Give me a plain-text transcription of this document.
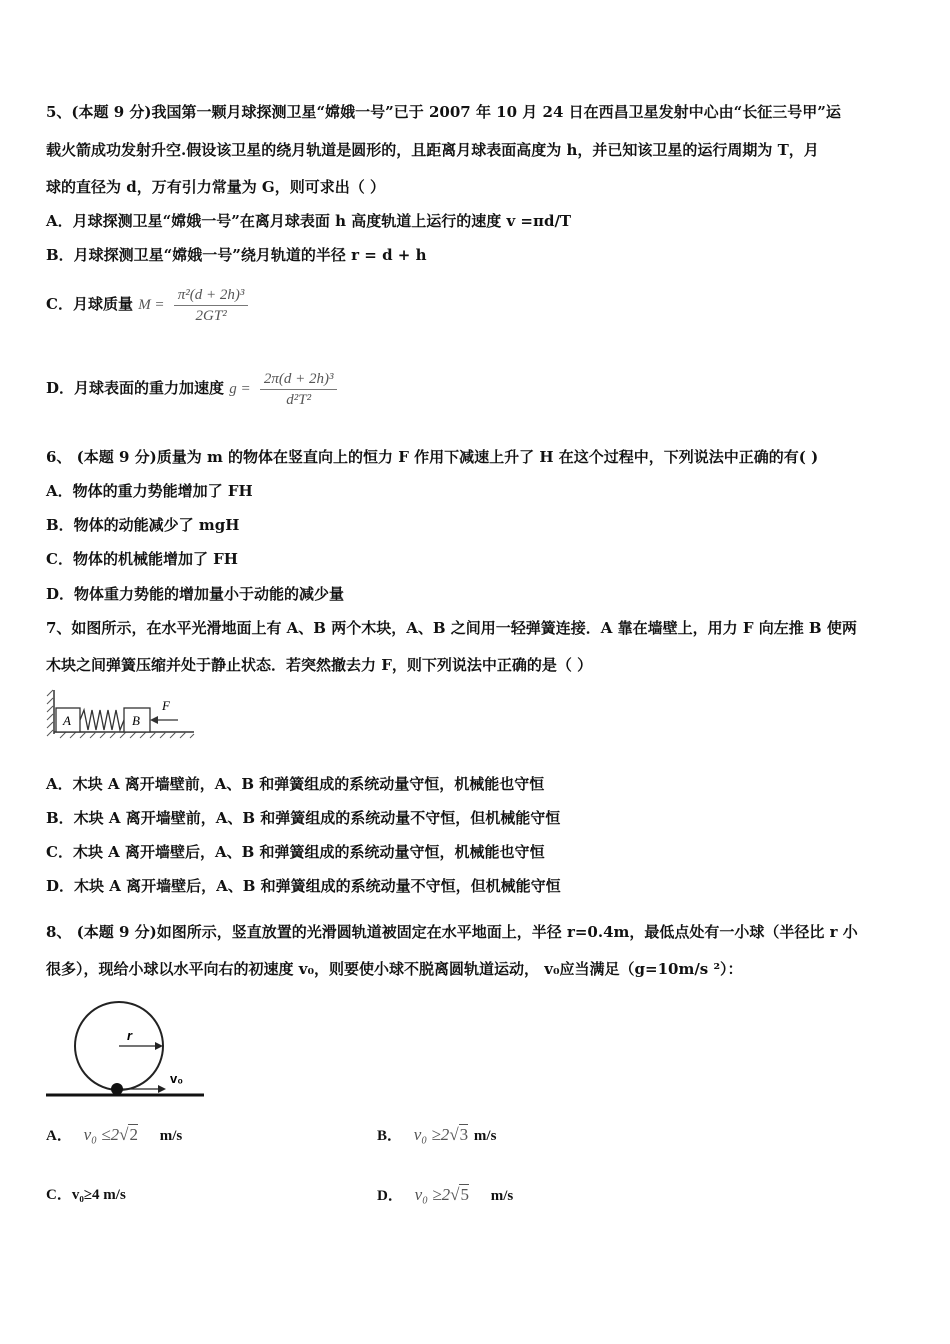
5、(本题 9 分)我国第一颗月球探测卫星“嫦娥一号”已于 2007 年 10 月 24 日在西昌卫星发射中心由“长征三号甲”运
载火箭成功发射升空.假设该卫星的绕月轨道是圆形的，且距离月球表面高度为 h，并已知该卫星的运行周期为 T，月
球的直径为 d，万有引力常量为 G，则可求出（ ）
A．月球探测卫星“嫦娥一号”在离月球表面 h 高度轨道上运行的速度 v =πd/T
B．月球探测卫星“嫦娥一号”绕月轨道的半径 r = d + h
C．月球质量 $M = \frac{\text{π²(d + 2h)³}}{\text{2GT²}}$
D．月球表面的重力加速度 $g = \frac{\text{2π(d + 2h)³}}{\text{d²T²}}$
6、 (本题 9 分)质量为 m 的物体在竖直向上的恒力 F 作用下减速上升了 H 在这个过程中，下列说法中正确的有( )
A．物体的重力势能增加了 FH
B．物体的动能减少了 mgH
C．物体的机械能增加了 FH
D．物体重力势能的增加量小于动能的减少量
7、如图所示，在水平光滑地面上有 A、B 两个木块，A、B 之间用一轻弹簧连接．A 靠在墙壁上，用力 F 向左推 B 使两
木块之间弹簧压缩并处于静止状态．若突然撤去力 F，则下列说法中正确的是（ ）
A	B
F
A．木块 A 离开墙壁前，A、B 和弹簧组成的系统动量守恒，机械能也守恒
B．木块 A 离开墙壁前，A、B 和弹簧组成的系统动量不守恒，但机械能守恒
C．木块 A 离开墙壁后，A、B 和弹簧组成的系统动量守恒，机械能也守恒
D．木块 A 离开墙壁后，A、B 和弹簧组成的系统动量不守恒，但机械能守恒
8、 (本题 9 分)如图所示，竖直放置的光滑圆轨道被固定在水平地面上，半径 r=0.4m，最低点处有一小球（半径比 r 小
很多），现给小球以水平向右的初速度 v₀，则要使小球不脱离圆轨道运动， v₀应当满足（g=10m/s ²）：
r
v₀
A． v₀ ≤2√2 m/s	B． v₀ ≥2√3 m/s
C．v₀≥4 m/s	D． v₀ ≥2√5 m/s
